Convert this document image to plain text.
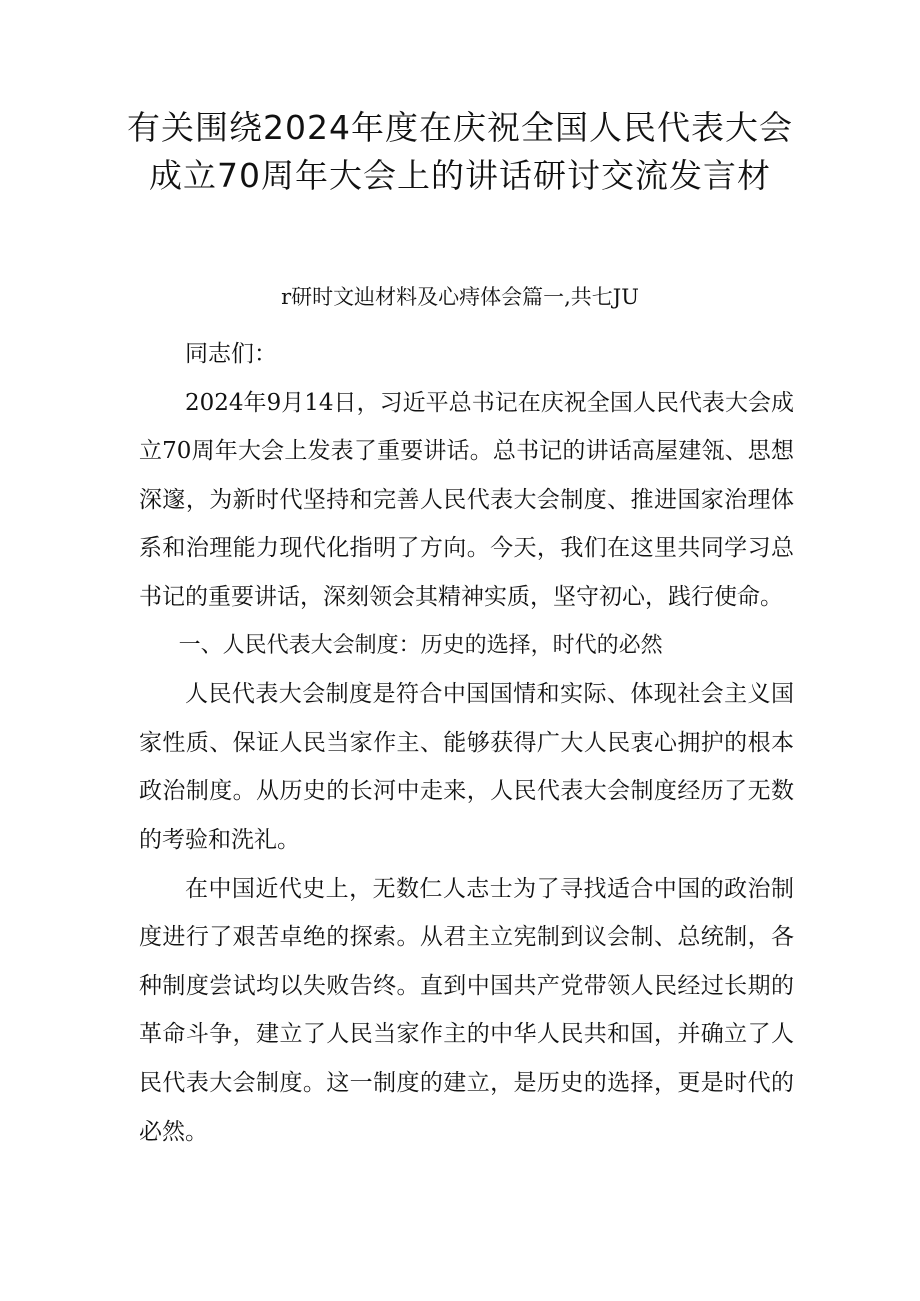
有关围绕2024年度在庆祝全国人民代表大会成立70周年大会上的讲话研讨交流发言材
r研时文辿材料及心痔体会篇一,共七JU

同志们：

2024年9月14日，习近平总书记在庆祝全国人民代表大会成立70周年大会上发表了重要讲话。总书记的讲话高屋建瓴、思想深邃，为新时代坚持和完善人民代表大会制度、推进国家治理体系和治理能力现代化指明了方向。今天，我们在这里共同学习总书记的重要讲话，深刻领会其精神实质，坚守初心，践行使命。

一、人民代表大会制度：历史的选择，时代的必然

人民代表大会制度是符合中国国情和实际、体现社会主义国家性质、保证人民当家作主、能够获得广大人民衷心拥护的根本政治制度。从历史的长河中走来，人民代表大会制度经历了无数的考验和洗礼。

在中国近代史上，无数仁人志士为了寻找适合中国的政治制度进行了艰苦卓绝的探索。从君主立宪制到议会制、总统制，各种制度尝试均以失败告终。直到中国共产党带领人民经过长期的革命斗争，建立了人民当家作主的中华人民共和国，并确立了人民代表大会制度。这一制度的建立，是历史的选择，更是时代的必然。
